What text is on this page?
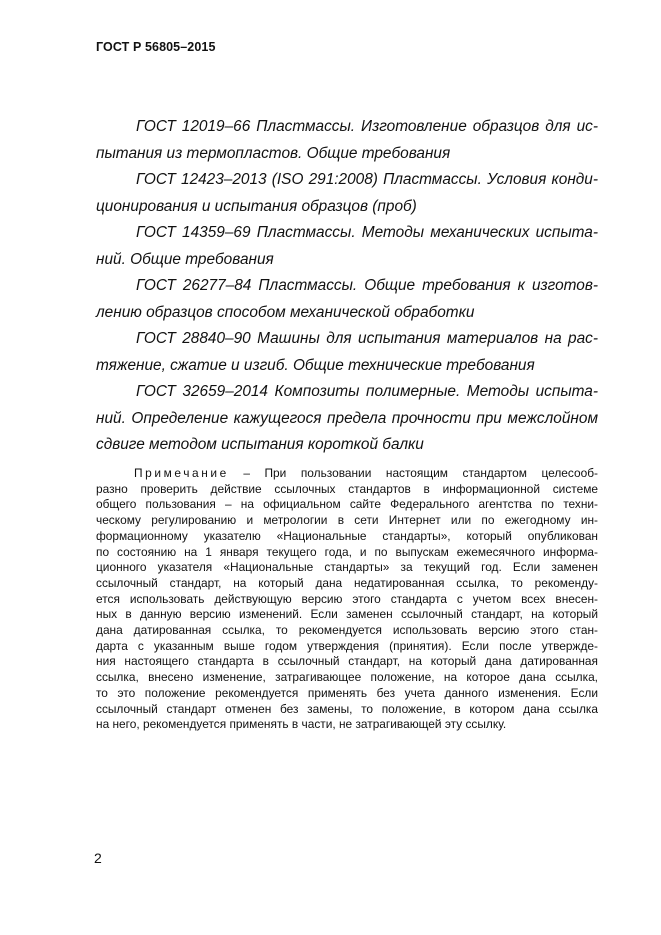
ГОСТ Р 56805–2015
ГОСТ 12019–66 Пластмассы. Изготовление образцов для ис-
пытания из термопластов. Общие требования
ГОСТ 12423–2013 (ISO 291:2008) Пластмассы. Условия конди-
ционирования и испытания образцов (проб)
ГОСТ 14359–69 Пластмассы. Методы механических испыта-
ний. Общие требования
ГОСТ 26277–84 Пластмассы. Общие требования к изготов-
лению образцов способом механической обработки
ГОСТ 28840–90 Машины для испытания материалов на рас-
тяжение, сжатие и изгиб. Общие технические требования
ГОСТ 32659–2014 Композиты полимерные. Методы испыта-
ний. Определение кажущегося предела прочности при межслойном
сдвиге методом испытания короткой балки
Примечание – При пользовании настоящим стандартом целесооб-
разно проверить действие ссылочных стандартов в информационной системе
общего пользования – на официальном сайте Федерального агентства по техни-
ческому регулированию и метрологии в сети Интернет или по ежегодному ин-
формационному указателю «Национальные стандарты», который опубликован
по состоянию на 1 января текущего года, и по выпускам ежемесячного информа-
ционного указателя «Национальные стандарты» за текущий год. Если заменен
ссылочный стандарт, на который дана недатированная ссылка, то рекоменду-
ется использовать действующую версию этого стандарта с учетом всех внесен-
ных в данную версию изменений. Если заменен ссылочный стандарт, на который
дана датированная ссылка, то рекомендуется использовать версию этого стан-
дарта с указанным выше годом утверждения (принятия). Если после утвержде-
ния настоящего стандарта в ссылочный стандарт, на который дана датированная
ссылка, внесено изменение, затрагивающее положение, на которое дана ссылка,
то это положение рекомендуется применять без учета данного изменения. Если
ссылочный стандарт отменен без замены, то положение, в котором дана ссылка
на него, рекомендуется применять в части, не затрагивающей эту ссылку.
2
